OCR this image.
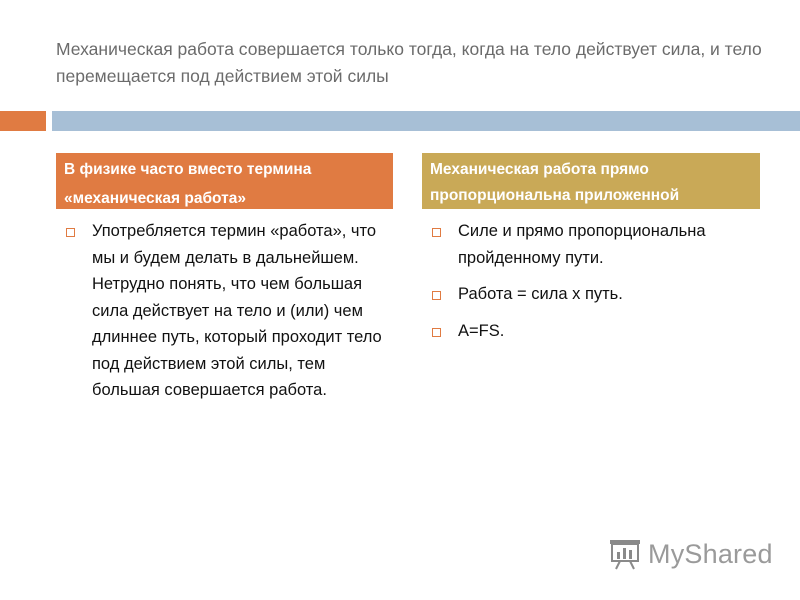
Механическая работа совершается только тогда, когда на тело действует сила, и тело перемещается под действием этой силы
В физике часто вместо термина
«механическая работа»
Механическая работа прямо
пропорциональна приложенной
Употребляется термин «работа», что мы и будем делать в дальнейшем. Нетрудно понять, что чем большая сила действует на тело и (или) чем длиннее путь, который проходит тело под действием этой силы, тем большая совершается работа.
Силе и прямо пропорциональна пройденному пути.
Работа = сила x путь.
A=FS.
MyShared
